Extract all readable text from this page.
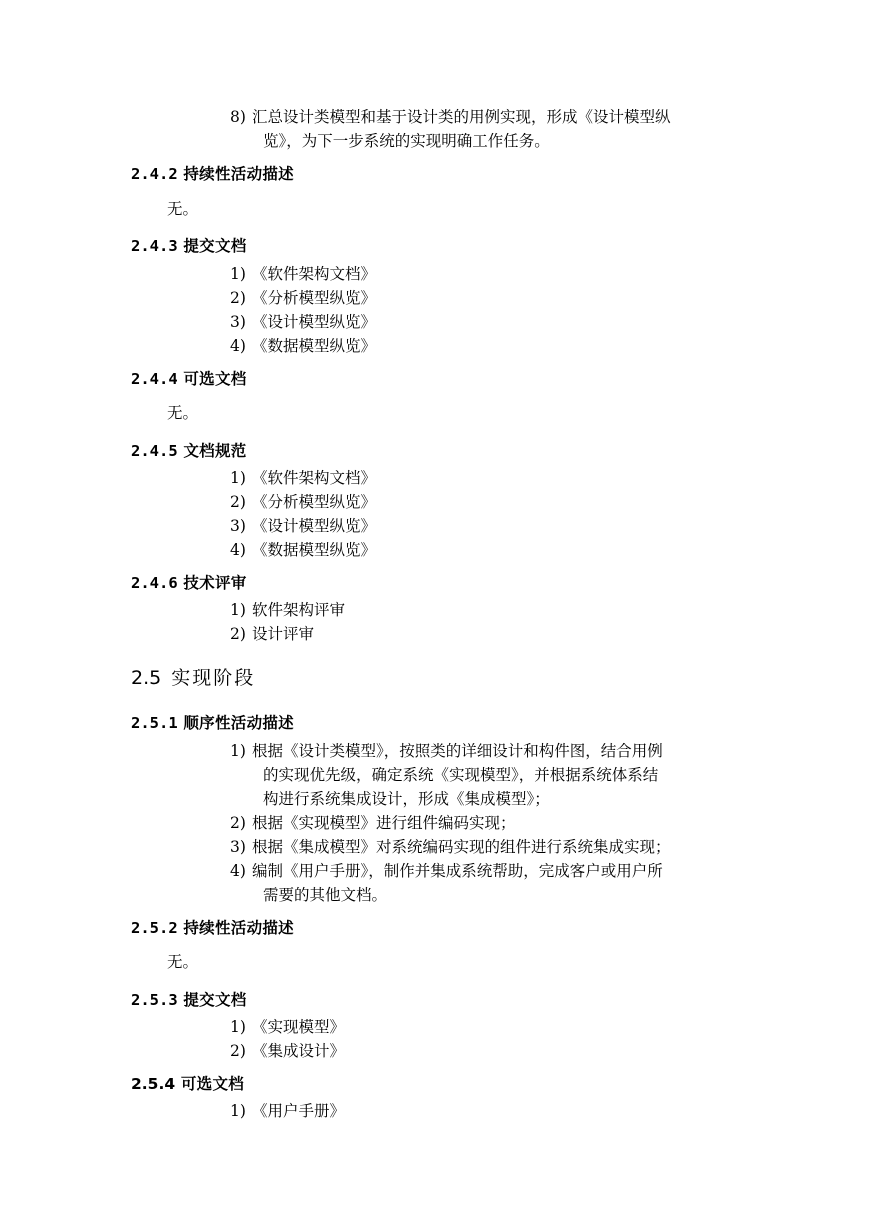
8) 汇总设计类模型和基于设计类的用例实现，形成《设计模型纵
览》，为下一步系统的实现明确工作任务。
2.4.2 持续性活动描述
无。
2.4.3 提交文档
1) 《软件架构文档》
2) 《分析模型纵览》
3) 《设计模型纵览》
4) 《数据模型纵览》
2.4.4 可选文档
无。
2.4.5 文档规范
1) 《软件架构文档》
2) 《分析模型纵览》
3) 《设计模型纵览》
4) 《数据模型纵览》
2.4.6 技术评审
1) 软件架构评审
2) 设计评审
2.5 实现阶段
2.5.1 顺序性活动描述
1) 根据《设计类模型》，按照类的详细设计和构件图，结合用例
的实现优先级，确定系统《实现模型》，并根据系统体系结
构进行系统集成设计，形成《集成模型》；
2) 根据《实现模型》进行组件编码实现；
3) 根据《集成模型》对系统编码实现的组件进行系统集成实现；
4) 编制《用户手册》，制作并集成系统帮助，完成客户或用户所
需要的其他文档。
2.5.2 持续性活动描述
无。
2.5.3 提交文档
1) 《实现模型》
2) 《集成设计》
2.5.4 可选文档
1) 《用户手册》
